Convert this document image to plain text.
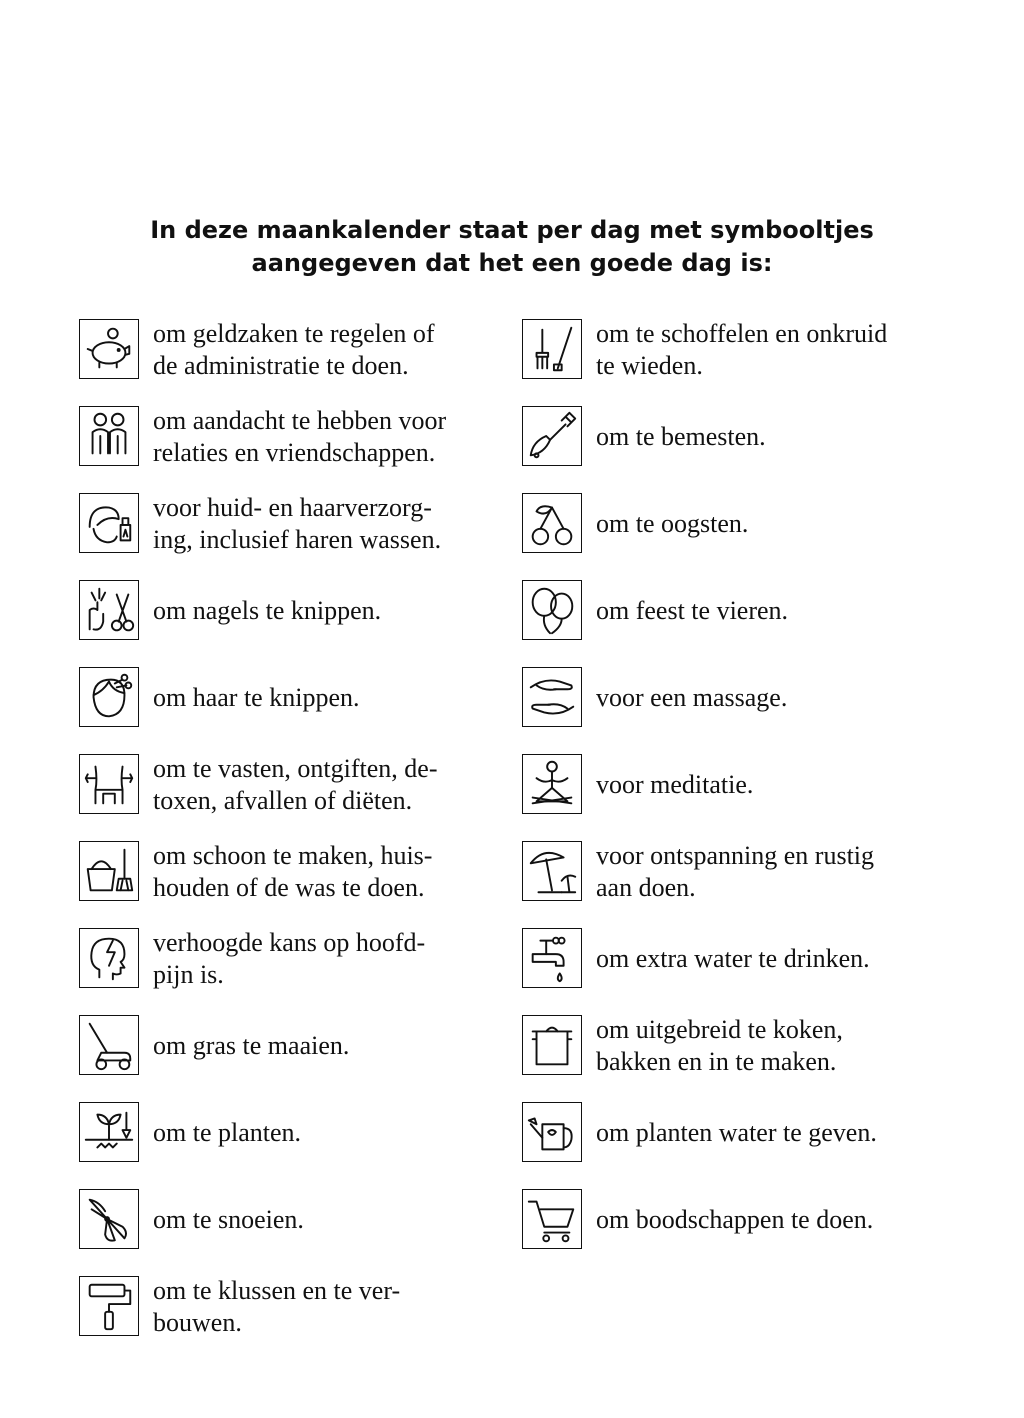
In deze maankalender staat per dag met symbooltjes
aangegeven dat het een goede dag is:
om geldzaken te regelen of
de administratie te doen.
om aandacht te hebben voor
relaties en vriendschappen.
voor huid- en haarverzorg-
ing, inclusief haren wassen.
om nagels te knippen.
om haar te knippen.
om te vasten, ontgiften, de-
toxen, afvallen of diëten.
om schoon te maken, huis-
houden of de was te doen.
verhoogde kans op hoofd-
pijn is.
om gras te maaien.
om te planten.
om te snoeien.
om te klussen en te ver-
bouwen.
om te schoffelen en onkruid
te wieden.
om te bemesten.
om te oogsten.
om feest te vieren.
voor een massage.
voor meditatie.
voor ontspanning en rustig
aan doen.
om extra water te drinken.
om uitgebreid te koken,
bakken en in te maken.
om planten water te geven.
om boodschappen te doen.
